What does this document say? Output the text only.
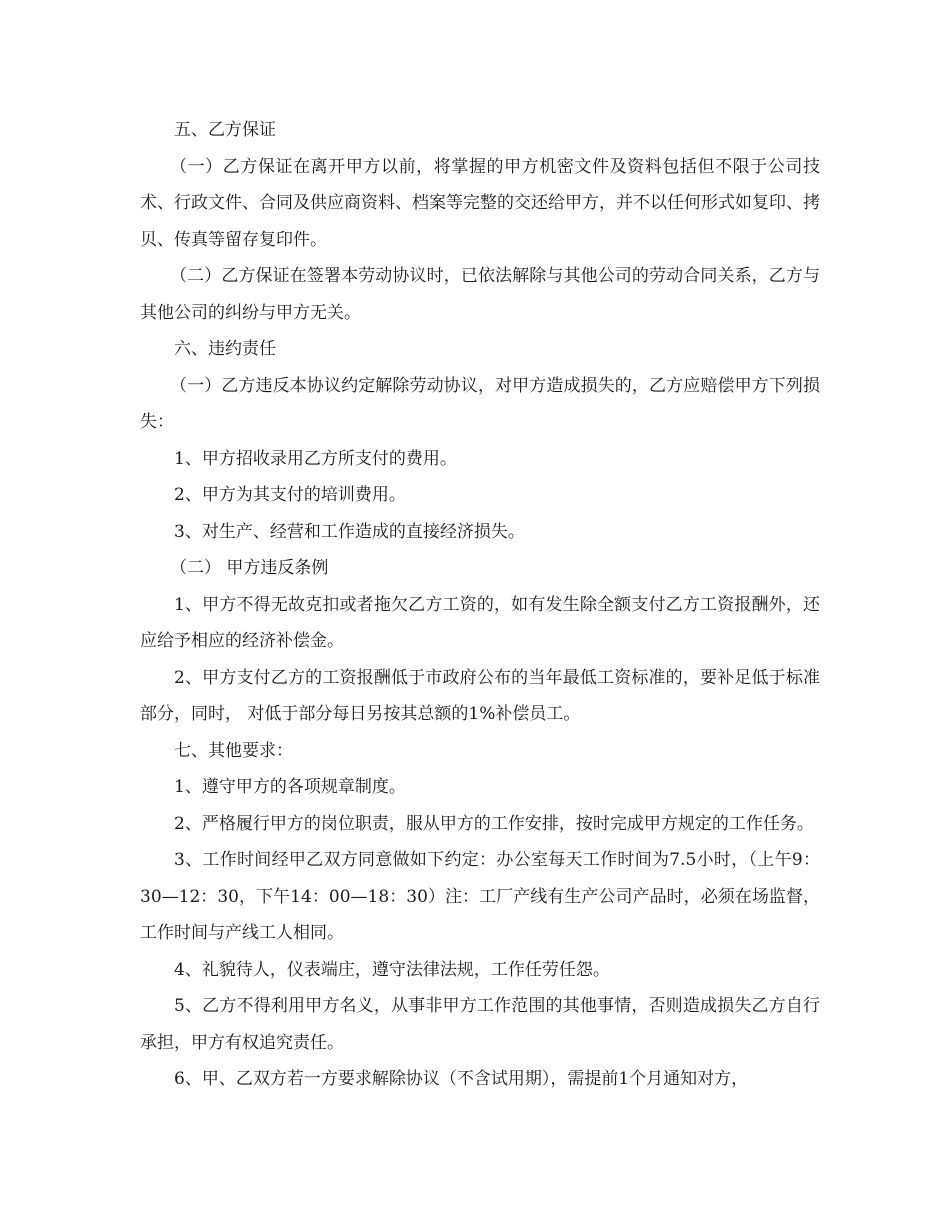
五、乙方保证

（一）乙方保证在离开甲方以前，将掌握的甲方机密文件及资料包括但不限于公司技术、行政文件、合同及供应商资料、档案等完整的交还给甲方，并不以任何形式如复印、拷贝、传真等留存复印件。

（二）乙方保证在签署本劳动协议时，已依法解除与其他公司的劳动合同关系，乙方与其他公司的纠纷与甲方无关。

六、违约责任

（一）乙方违反本协议约定解除劳动协议，对甲方造成损失的，乙方应赔偿甲方下列损失：

1、甲方招收录用乙方所支付的费用。

2、甲方为其支付的培训费用。

3、对生产、经营和工作造成的直接经济损失。

（二） 甲方违反条例

1、甲方不得无故克扣或者拖欠乙方工资的，如有发生除全额支付乙方工资报酬外，还应给予相应的经济补偿金。

2、甲方支付乙方的工资报酬低于市政府公布的当年最低工资标准的，要补足低于标准部分，同时， 对低于部分每日另按其总额的1%补偿员工。

七、其他要求：

1、遵守甲方的各项规章制度。

2、严格履行甲方的岗位职责，服从甲方的工作安排，按时完成甲方规定的工作任务。

3、工作时间经甲乙双方同意做如下约定：办公室每天工作时间为7.5小时，（上午9：30—12：30，下午14：00—18：30）注：工厂产线有生产公司产品时，必须在场监督，工作时间与产线工人相同。

4、礼貌待人，仪表端庄，遵守法律法规，工作任劳任怨。

5、乙方不得利用甲方名义，从事非甲方工作范围的其他事情，否则造成损失乙方自行承担，甲方有权追究责任。

6、甲、乙双方若一方要求解除协议（不含试用期），需提前1个月通知对方，
